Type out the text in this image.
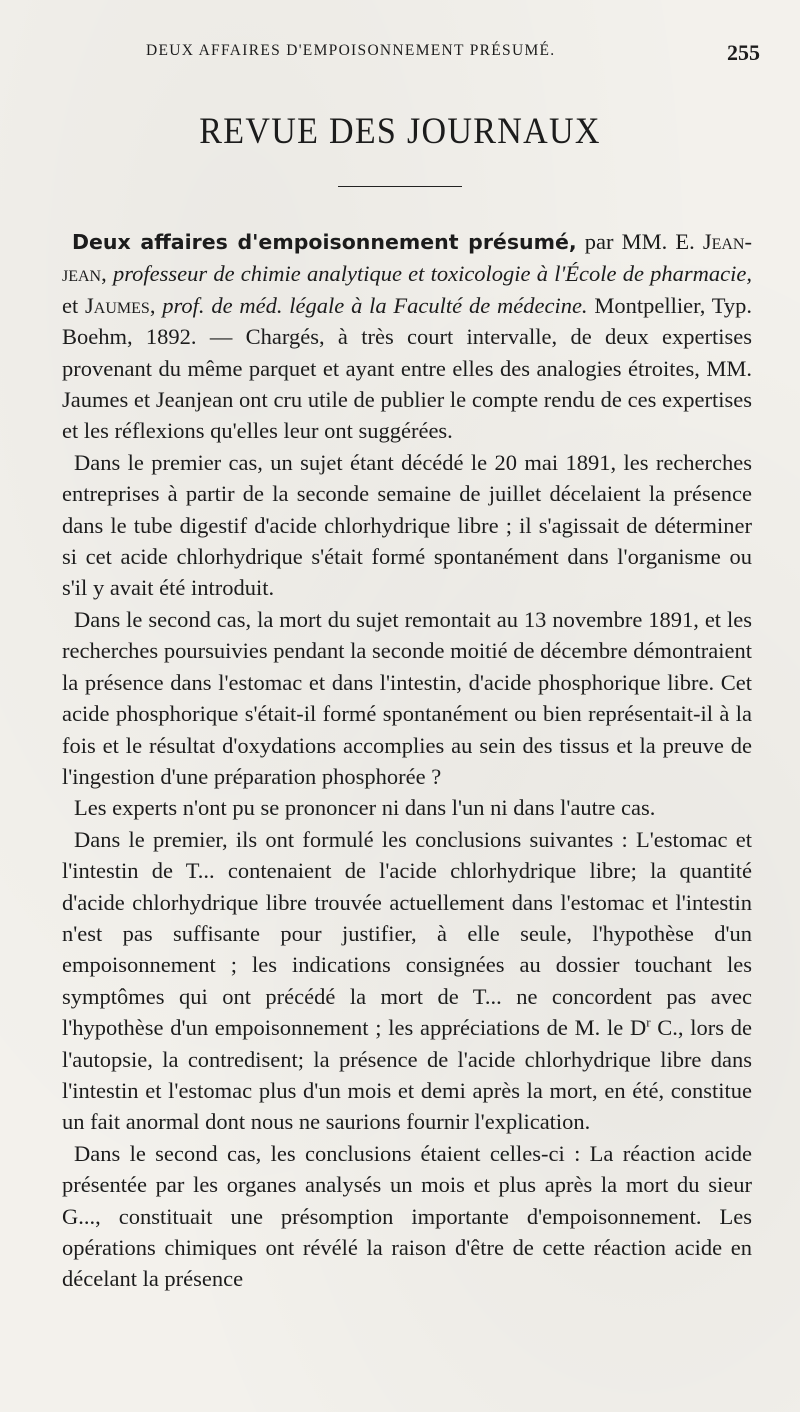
DEUX AFFAIRES D'EMPOISONNEMENT PRÉSUMÉ.	255
REVUE DES JOURNAUX

Deux affaires d'empoisonnement présumé, par MM. E. Jean-jean, professeur de chimie analytique et toxicologie à l'École de pharmacie, et Jaumes, prof. de méd. légale à la Faculté de médecine. Montpellier, Typ. Boehm, 1892. — Chargés, à très court intervalle, de deux expertises provenant du même parquet et ayant entre elles des analogies étroites, MM. Jaumes et Jeanjean ont cru utile de publier le compte rendu de ces expertises et les réflexions qu'elles leur ont suggérées.

Dans le premier cas, un sujet étant décédé le 20 mai 1891, les recherches entreprises à partir de la seconde semaine de juillet décelaient la présence dans le tube digestif d'acide chlorhydrique libre ; il s'agissait de déterminer si cet acide chlorhydrique s'était formé spontanément dans l'organisme ou s'il y avait été introduit.

Dans le second cas, la mort du sujet remontait au 13 novembre 1891, et les recherches poursuivies pendant la seconde moitié de décembre démontraient la présence dans l'estomac et dans l'intestin, d'acide phosphorique libre. Cet acide phosphorique s'était-il formé spontanément ou bien représentait-il à la fois et le résultat d'oxydations accomplies au sein des tissus et la preuve de l'ingestion d'une préparation phosphorée ?

Les experts n'ont pu se prononcer ni dans l'un ni dans l'autre cas.

Dans le premier, ils ont formulé les conclusions suivantes : L'estomac et l'intestin de T... contenaient de l'acide chlorhydrique libre; la quantité d'acide chlorhydrique libre trouvée actuellement dans l'estomac et l'intestin n'est pas suffisante pour justifier, à elle seule, l'hypothèse d'un empoisonnement ; les indications consignées au dossier touchant les symptômes qui ont précédé la mort de T... ne concordent pas avec l'hypothèse d'un empoisonnement ; les appréciations de M. le $D^r$ C., lors de l'autopsie, la contredisent; la présence de l'acide chlorhydrique libre dans l'intestin et l'estomac plus d'un mois et demi après la mort, en été, constitue un fait anormal dont nous ne saurions fournir l'explication.

Dans le second cas, les conclusions étaient celles-ci : La réaction acide présentée par les organes analysés un mois et plus après la mort du sieur G..., constituait une présomption importante d'empoisonnement. Les opérations chimiques ont révélé la raison d'être de cette réaction acide en décelant la présence
